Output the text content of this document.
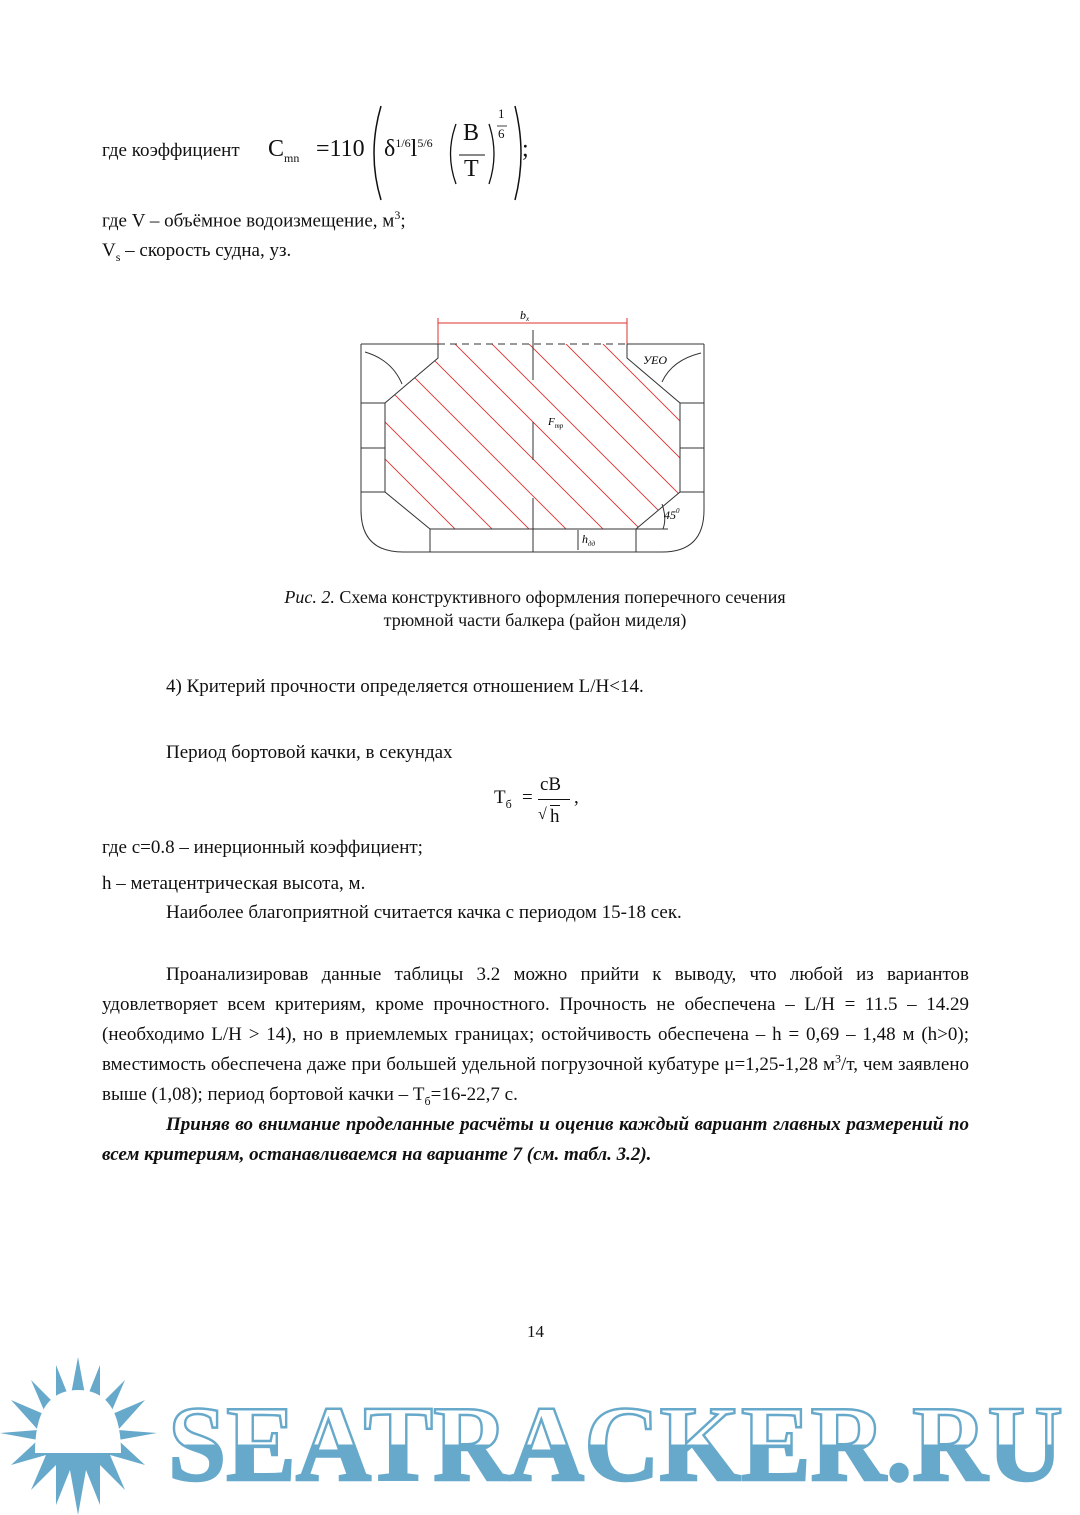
где коэффициент $C_{mn} =110$ $\delta^{1/6}l^{5/6}$ B
T
1
6
;
где V – объёмное водоизмещение, $м^3$;
$V_s$ – скорость судна, уз.
bx
УЕО
$F_{тр}$
$45^0$
$h_{дд}$
Рис. 2. Схема конструктивного оформления поперечного сечения
трюмной части балкера (район миделя)
4) Критерий прочности определяется отношением L/H<14.
Период бортовой качки, в секундах
$T_б$ =
cB
√ h
,
где c=0.8 – инерционный коэффициент;
h – метацентрическая высота, м.
Наиболее благоприятной считается качка с периодом 15-18 сек.

Проанализировав данные таблицы 3.2 можно прийти к выводу, что любой из вариантов удовлетворяет всем критериям, кроме прочностного. Прочность не обеспечена – L/H = 11.5 – 14.29 (необходимо L/H > 14), но в приемлемых границах; остойчивость обеспечена – h = 0,69 – 1,48 м (h>0); вместимость обеспечена даже при большей удельной погрузочной кубатуре μ=1,25-1,28 $м^3/т$, чем заявлено выше (1,08); период бортовой качки – $T_б=16-22,7$ с.

Приняв во внимание проделанные расчёты и оценив каждый вариант главных размерений по всем критериям, останавливаемся на варианте 7 (см. табл. 3.2).

14
SEATRACKER.RU
